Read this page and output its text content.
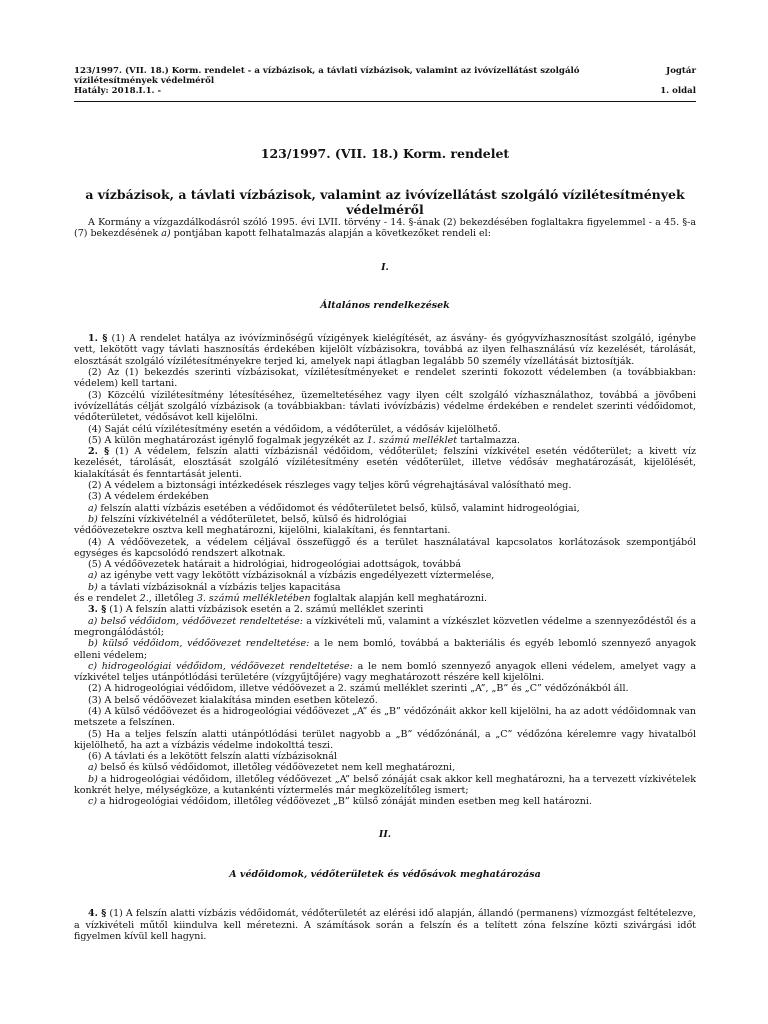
123/1997. (VII. 18.) Korm. rendelet - a vízbázisok, a távlati vízbázisok, valamint az ivóvízellátást szolgáló vízilétesítmények védelméről
Hatály: 2018.I.1. -
Jogtár
1. oldal
123/1997. (VII. 18.) Korm. rendelet
a vízbázisok, a távlati vízbázisok, valamint az ivóvízellátást szolgáló vízilétesítmények védelméről

A Kormány a vízgazdálkodásról szóló 1995. évi LVII. törvény - 14. §-ának (2) bekezdésében foglaltakra figyelemmel - a 45. §-a (7) bekezdésének a) pontjában kapott felhatalmazás alapján a következőket rendeli el:

I.
Általános rendelkezések

1. § (1) A rendelet hatálya az ivóvízminőségű vízigények kielégítését, az ásvány- és gyógyvízhasznosítást szolgáló, igénybe vett, lekötött vagy távlati hasznosítás érdekében kijelölt vízbázisokra, továbbá az ilyen felhasználású víz kezelését, tárolását, elosztását szolgáló vízilétesítményekre terjed ki, amelyek napi átlagban legalább 50 személy vízellátását biztosítják.

(2) Az (1) bekezdés szerinti vízbázisokat, vízilétesítményeket e rendelet szerinti fokozott védelemben (a továbbiakban: védelem) kell tartani.

(3) Közcélú vízilétesítmény létesítéséhez, üzemeltetéséhez vagy ilyen célt szolgáló vízhasználathoz, továbbá a jövőbeni ivóvízellátás célját szolgáló vízbázisok (a továbbiakban: távlati ivóvízbázis) védelme érdekében e rendelet szerinti védőidomot, védőterületet, védősávot kell kijelölni.

(4) Saját célú vízilétesítmény esetén a védőidom, a védőterület, a védősáv kijelölhető.

(5) A külön meghatározást igénylő fogalmak jegyzékét az 1. számú melléklet tartalmazza.

2. § (1) A védelem, felszín alatti vízbázisnál védőidom, védőterület; felszíni vízkivétel esetén védőterület; a kivett víz kezelését, tárolását, elosztását szolgáló vízilétesítmény esetén védőterület, illetve védősáv meghatározását, kijelölését, kialakítását és fenntartását jelenti.

(2) A védelem a biztonsági intézkedések részleges vagy teljes körű végrehajtásával valósítható meg.

(3) A védelem érdekében

a) felszín alatti vízbázis esetében a védőidomot és védőterületet belső, külső, valamint hidrogeológiai,

b) felszíni vízkivételnél a védőterületet, belső, külső és hidrológiai

védőövezetekre osztva kell meghatározni, kijelölni, kialakítani, és fenntartani.

(4) A védőövezetek, a védelem céljával összefüggő és a terület használatával kapcsolatos korlátozások szempontjából egységes és kapcsolódó rendszert alkotnak.

(5) A védőövezetek határait a hidrológiai, hidrogeológiai adottságok, továbbá

a) az igénybe vett vagy lekötött vízbázisoknál a vízbázis engedélyezett víztermelése,

b) a távlati vízbázisoknál a vízbázis teljes kapacitása

és e rendelet 2., illetőleg 3. számú mellékletében foglaltak alapján kell meghatározni.

3. § (1) A felszín alatti vízbázisok esetén a 2. számú melléklet szerinti

a) belső védőidom, védőövezet rendeltetése: a vízkivételi mű, valamint a vízkészlet közvetlen védelme a szennyeződéstől és a megrongálódástól;

b) külső védőidom, védőövezet rendeltetése: a le nem bomló, továbbá a bakteriális és egyéb lebomló szennyező anyagok elleni védelem;

c) hidrogeológiai védőidom, védőövezet rendeltetése: a le nem bomló szennyező anyagok elleni védelem, amelyet vagy a vízkivétel teljes utánpótlódási területére (vízgyűjtőjére) vagy meghatározott részére kell kijelölni.

(2) A hidrogeológiai védőidom, illetve védőövezet a 2. számú melléklet szerinti „A”, „B” és „C” védőzónákból áll.

(3) A belső védőövezet kialakítása minden esetben kötelező.

(4) A külső védőövezet és a hidrogeológiai védőövezet „A” és „B” védőzónáit akkor kell kijelölni, ha az adott védőidomnak van metszete a felszínen.

(5) Ha a teljes felszín alatti utánpótlódási terület nagyobb a „B” védőzónánál, a „C” védőzóna kérelemre vagy hivatalból kijelölhető, ha azt a vízbázis védelme indokolttá teszi.

(6) A távlati és a lekötött felszín alatti vízbázisoknál

a) belső és külső védőidomot, illetőleg védőövezetet nem kell meghatározni,

b) a hidrogeológiai védőidom, illetőleg védőövezet „A” belső zónáját csak akkor kell meghatározni, ha a tervezett vízkivételek konkrét helye, mélységköze, a kutankénti víztermelés már megközelítőleg ismert;

c) a hidrogeológiai védőidom, illetőleg védőövezet „B” külső zónáját minden esetben meg kell határozni.

II.
A védőidomok, védőterületek és védősávok meghatározása

4. § (1) A felszín alatti vízbázis védőidomát, védőterületét az elérési idő alapján, állandó (permanens) vízmozgást feltételezve, a vízkivételi műtől kiindulva kell méretezni. A számítások során a felszín és a telített zóna felszíne közti szivárgási időt figyelmen kívül kell hagyni.
